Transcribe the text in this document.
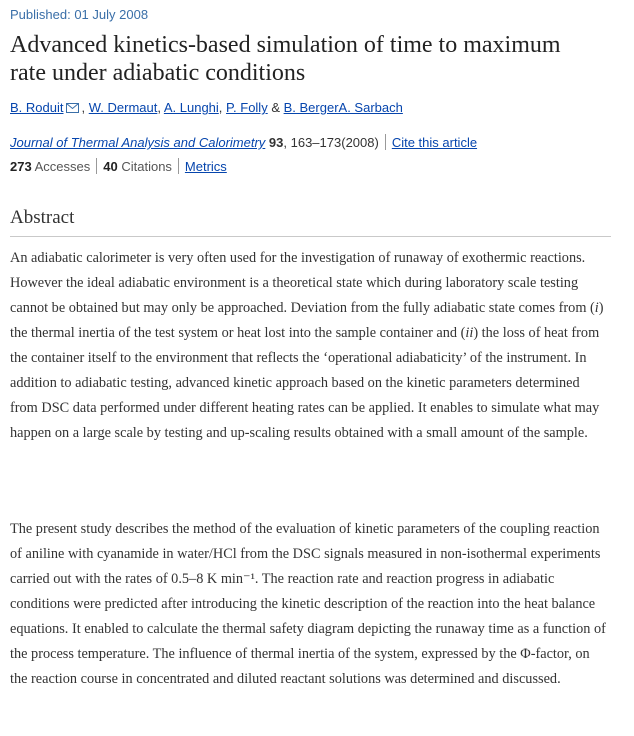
Published: 01 July 2008
Advanced kinetics-based simulation of time to maximum rate under adiabatic conditions
B. Roduit , W. Dermaut, A. Lunghi, P. Folly & B. BergerA. Sarbach
Journal of Thermal Analysis and Calorimetry 93, 163–173(2008) Cite this article
273 Accesses 40 Citations Metrics
Abstract

An adiabatic calorimeter is very often used for the investigation of runaway of exothermic reactions. However the ideal adiabatic environment is a theoretical state which during laboratory scale testing cannot be obtained but may only be approached. Deviation from the fully adiabatic state comes from (i) the thermal inertia of the test system or heat lost into the sample container and (ii) the loss of heat from the container itself to the environment that reflects the ‘operational adiabaticity’ of the instrument. In addition to adiabatic testing, advanced kinetic approach based on the kinetic parameters determined from DSC data performed under different heating rates can be applied. It enables to simulate what may happen on a large scale by testing and up-scaling results obtained with a small amount of the sample.

The present study describes the method of the evaluation of kinetic parameters of the coupling reaction of aniline with cyanamide in water/HCl from the DSC signals measured in non-isothermal experiments carried out with the rates of 0.5–8 K min⁻¹. The reaction rate and reaction progress in adiabatic conditions were predicted after introducing the kinetic description of the reaction into the heat balance equations. It enabled to calculate the thermal safety diagram depicting the runaway time as a function of the process temperature. The influence of thermal inertia of the system, expressed by the Φ-factor, on the reaction course in concentrated and diluted reactant solutions was determined and discussed.
